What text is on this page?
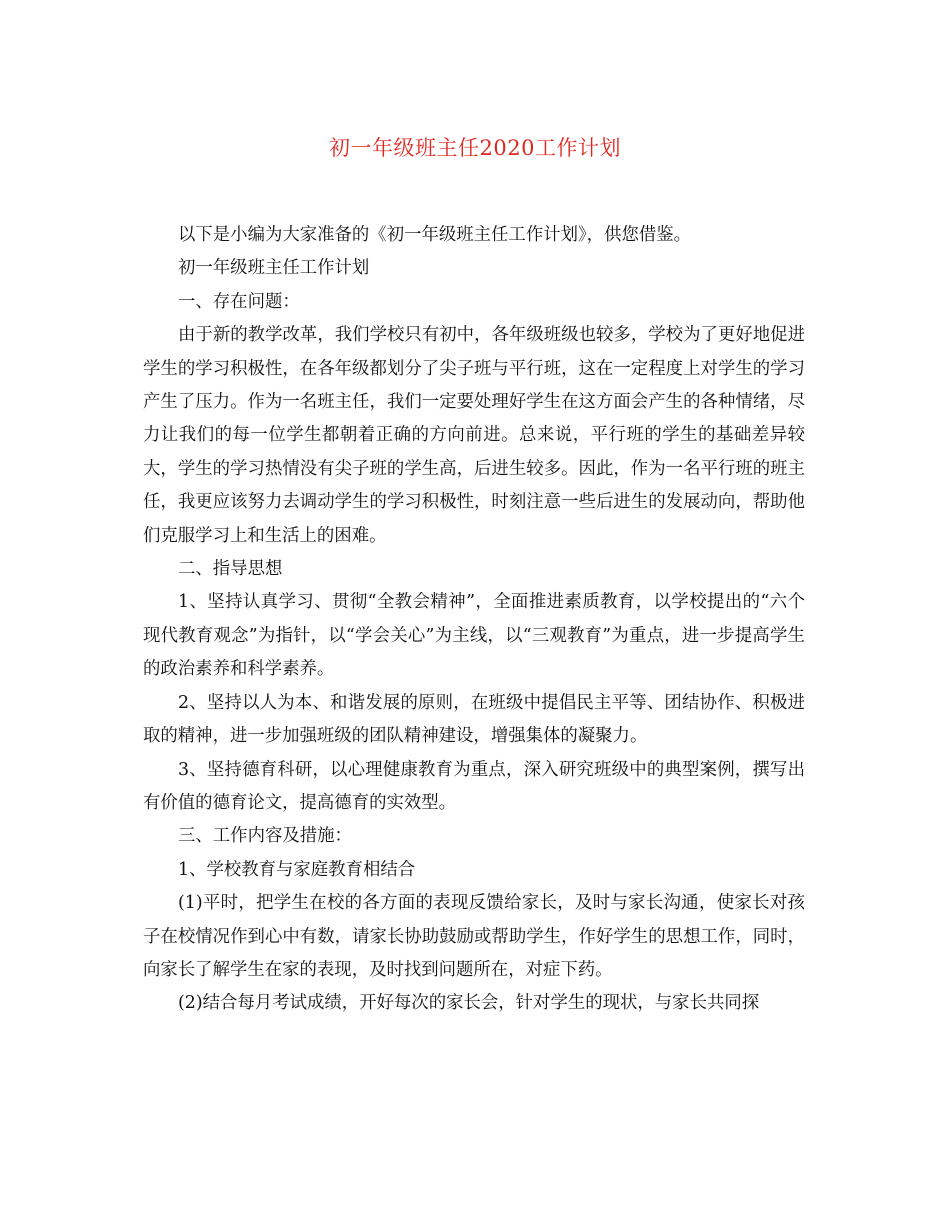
初一年级班主任2020工作计划

以下是小编为大家准备的《初一年级班主任工作计划》，供您借鉴。

初一年级班主任工作计划

一、存在问题：

由于新的教学改革，我们学校只有初中，各年级班级也较多，学校为了更好地促进学生的学习积极性，在各年级都划分了尖子班与平行班，这在一定程度上对学生的学习产生了压力。作为一名班主任，我们一定要处理好学生在这方面会产生的各种情绪，尽力让我们的每一位学生都朝着正确的方向前进。总来说，平行班的学生的基础差异较大，学生的学习热情没有尖子班的学生高，后进生较多。因此，作为一名平行班的班主任，我更应该努力去调动学生的学习积极性，时刻注意一些后进生的发展动向，帮助他们克服学习上和生活上的困难。

二、指导思想

1、坚持认真学习、贯彻“全教会精神”，全面推进素质教育，以学校提出的“六个现代教育观念”为指针，以“学会关心”为主线，以“三观教育”为重点，进一步提高学生的政治素养和科学素养。

2、坚持以人为本、和谐发展的原则，在班级中提倡民主平等、团结协作、积极进取的精神，进一步加强班级的团队精神建设，增强集体的凝聚力。

3、坚持德育科研，以心理健康教育为重点，深入研究班级中的典型案例，撰写出有价值的德育论文，提高德育的实效型。

三、工作内容及措施：

1、学校教育与家庭教育相结合

(1)平时，把学生在校的各方面的表现反馈给家长，及时与家长沟通，使家长对孩子在校情况作到心中有数，请家长协助鼓励或帮助学生，作好学生的思想工作，同时，向家长了解学生在家的表现，及时找到问题所在，对症下药。

(2)结合每月考试成绩，开好每次的家长会，针对学生的现状，与家长共同探
